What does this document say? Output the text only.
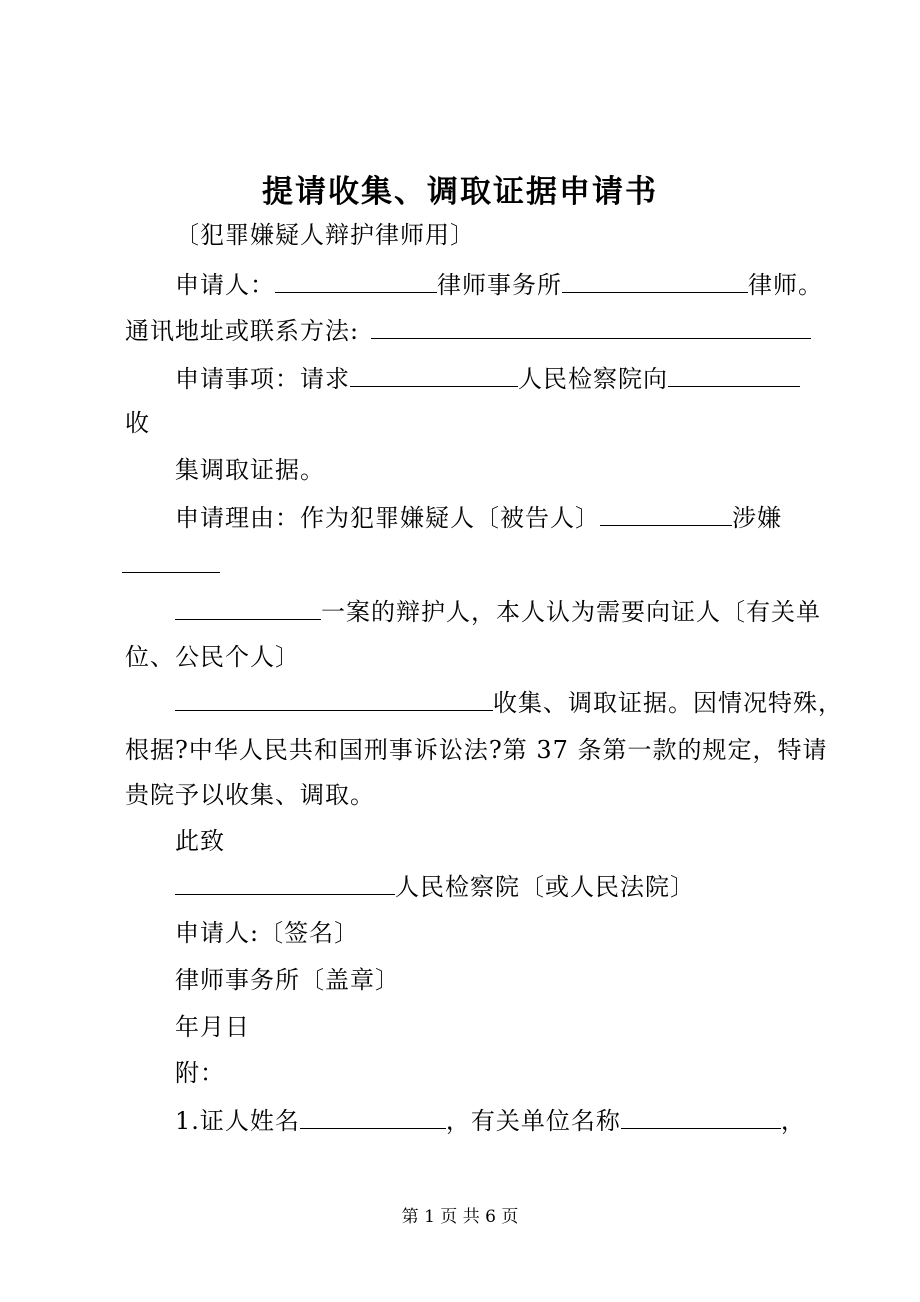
提请收集、调取证据申请书
〔犯罪嫌疑人辩护律师用〕
申请人：	律师事务所	律师。
通讯地址或联系方法:
申请事项：请求	人民检察院向
收
集调取证据。
申请理由：作为犯罪嫌疑人〔被告人〕	涉嫌
一案的辩护人，本人认为需要向证人〔有关单
位、公民个人〕
收集、调取证据。因情况特殊，
根据?中华人民共和国刑事诉讼法?第 37 条第一款的规定，特请
贵院予以收集、调取。
此致
人民检察院〔或人民法院〕
申请人:〔签名〕
律师事务所〔盖章〕
年月日
附：
1.证人姓名	，有关单位名称	，
第 1 页 共 6 页
